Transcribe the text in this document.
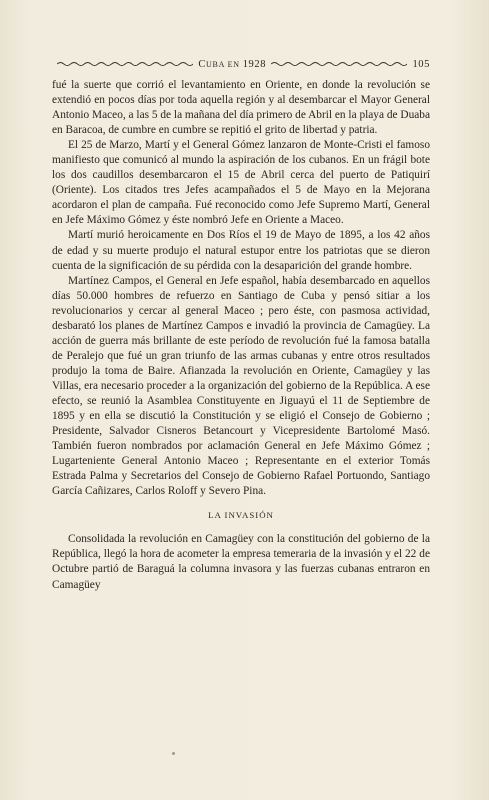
CUBA EN 1928	105

fué la suerte que corrió el levantamiento en Oriente, en donde la revolución se extendió en pocos días por toda aquella región y al desembarcar el Mayor General Antonio Maceo, a las 5 de la mañana del día primero de Abril en la playa de Duaba en Baracoa, de cumbre en cumbre se repitió el grito de libertad y patria.

El 25 de Marzo, Martí y el General Gómez lanzaron de Monte-Cristi el famoso manifiesto que comunicó al mundo la aspiración de los cubanos. En un frágil bote los dos caudillos desembarcaron el 15 de Abril cerca del puerto de Patiquirí (Oriente). Los citados tres Jefes acampañados el 5 de Mayo en la Mejorana acordaron el plan de campaña. Fué reconocido como Jefe Supremo Martí, General en Jefe Máximo Gómez y éste nombró Jefe en Oriente a Maceo.

Martí murió heroicamente en Dos Ríos el 19 de Mayo de 1895, a los 42 años de edad y su muerte produjo el natural estupor entre los patriotas que se dieron cuenta de la significación de su pérdida con la desaparición del grande hombre.

Martínez Campos, el General en Jefe español, había desembarcado en aquellos días 50.000 hombres de refuerzo en Santiago de Cuba y pensó sitiar a los revolucionarios y cercar al general Maceo ; pero éste, con pasmosa actividad, desbarató los planes de Martínez Campos e invadió la provincia de Camagüey. La acción de guerra más brillante de este período de revolución fué la famosa batalla de Peralejo que fué un gran triunfo de las armas cubanas y entre otros resultados produjo la toma de Baire. Afianzada la revolución en Oriente, Camagüey y las Villas, era necesario proceder a la organización del gobierno de la República. A ese efecto, se reunió la Asamblea Constituyente en Jiguayú el 11 de Septiembre de 1895 y en ella se discutió la Constitución y se eligió el Consejo de Gobierno ; Presidente, Salvador Cisneros Betancourt y Vicepresidente Bartolomé Masó. También fueron nombrados por aclamación General en Jefe Máximo Gómez ; Lugarteniente General Antonio Maceo ; Representante en el exterior Tomás Estrada Palma y Secretarios del Consejo de Gobierno Rafael Portuondo, Santiago García Cañizares, Carlos Roloff y Severo Pina.

LA INVASIÓN

Consolidada la revolución en Camagüey con la constitución del gobierno de la República, llegó la hora de acometer la empresa temeraria de la invasión y el 22 de Octubre partió de Baraguá la columna invasora y las fuerzas cubanas entraron en Camagüey
